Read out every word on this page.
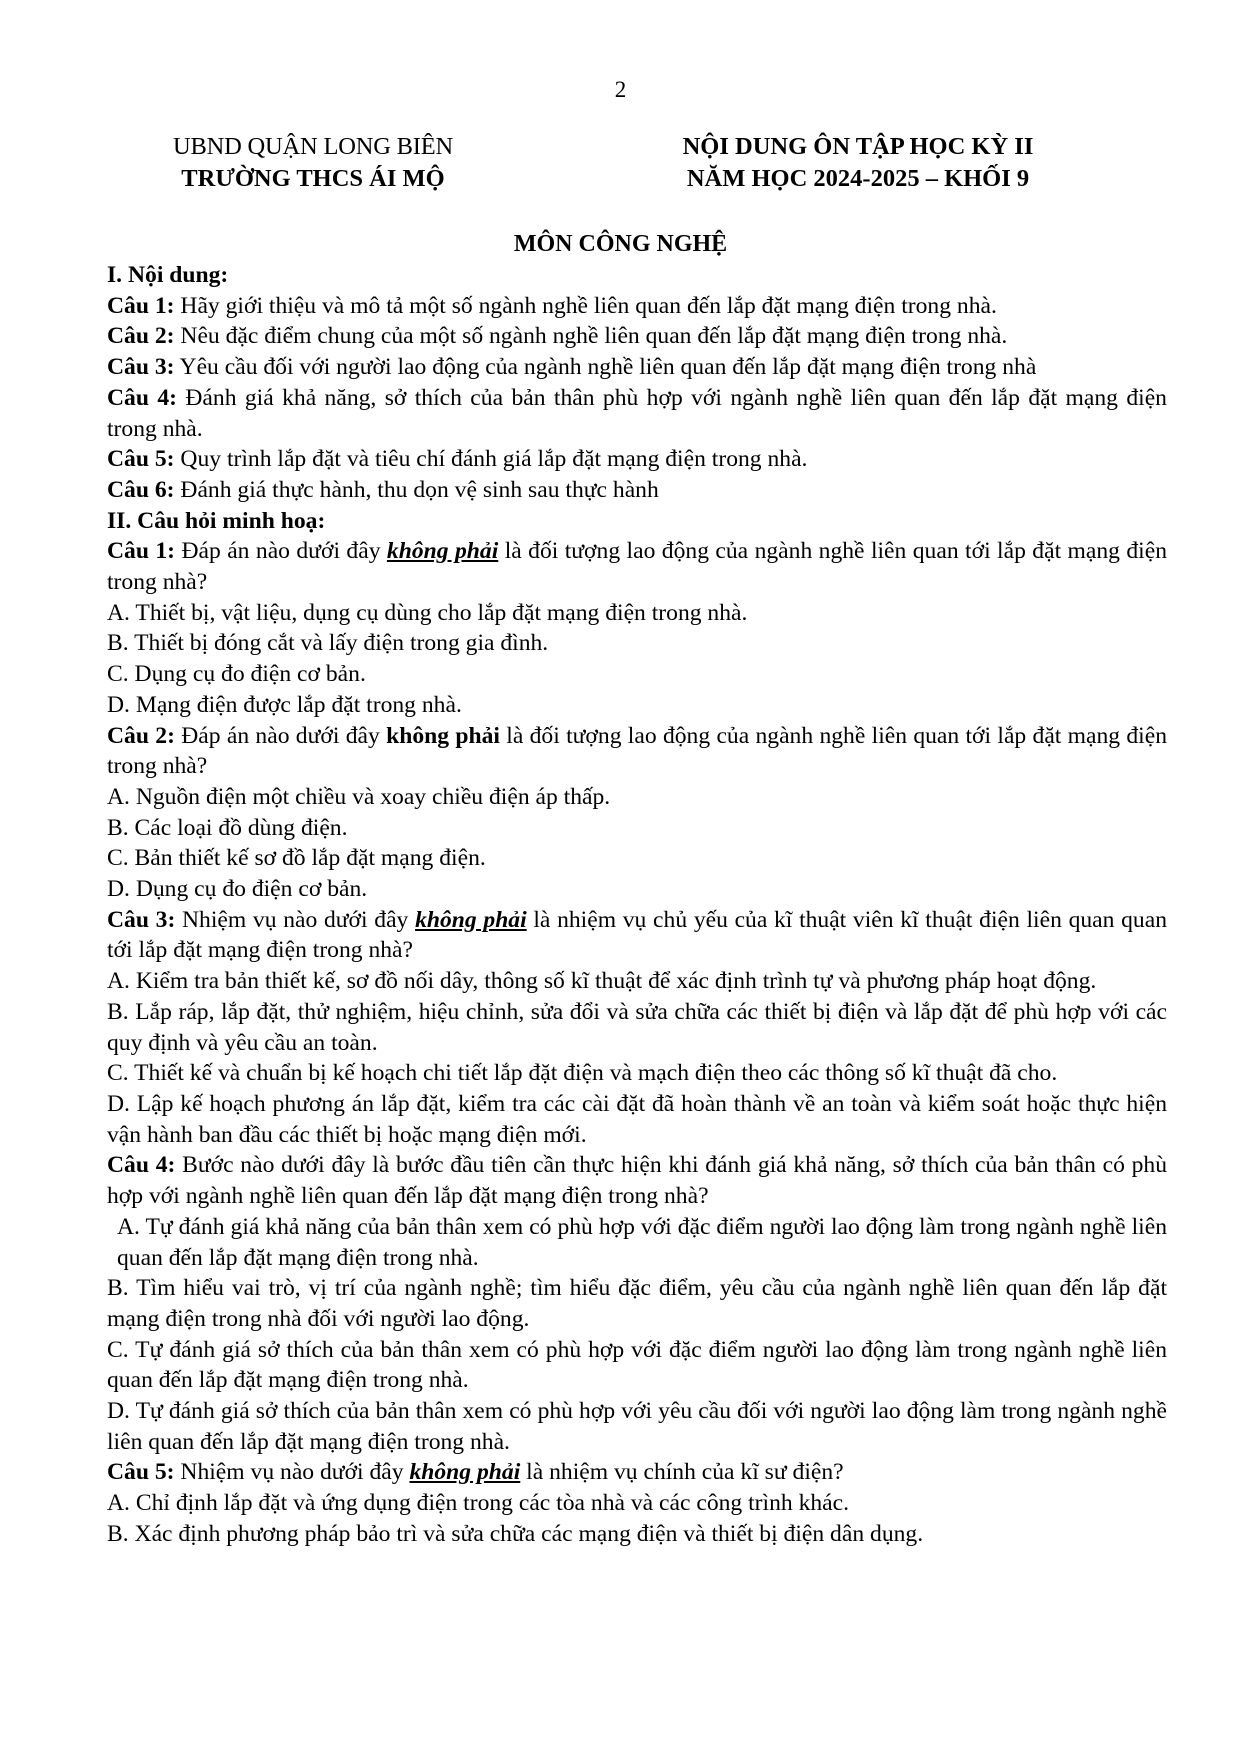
2
UBND QUẬN LONG BIÊN
TRƯỜNG THCS ÁI MỘ
NỘI DUNG ÔN TẬP HỌC KỲ II
NĂM HỌC 2024-2025 – KHỐI 9
MÔN CÔNG NGHỆ

I. Nội dung:

Câu 1: Hãy giới thiệu và mô tả một số ngành nghề liên quan đến lắp đặt mạng điện trong nhà.

Câu 2: Nêu đặc điểm chung của một số ngành nghề liên quan đến lắp đặt mạng điện trong nhà.

Câu 3: Yêu cầu đối với người lao động của ngành nghề liên quan đến lắp đặt mạng điện trong nhà

Câu 4: Đánh giá khả năng, sở thích của bản thân phù hợp với ngành nghề liên quan đến lắp đặt mạng điện trong nhà.

Câu 5: Quy trình lắp đặt và tiêu chí đánh giá lắp đặt mạng điện trong nhà.

Câu 6: Đánh giá thực hành, thu dọn vệ sinh sau thực hành

II. Câu hỏi minh hoạ:

Câu 1: Đáp án nào dưới đây không phải là đối tượng lao động của ngành nghề liên quan tới lắp đặt mạng điện trong nhà?

A. Thiết bị, vật liệu, dụng cụ dùng cho lắp đặt mạng điện trong nhà.

B. Thiết bị đóng cắt và lấy điện trong gia đình.

C. Dụng cụ đo điện cơ bản.

D. Mạng điện được lắp đặt trong nhà.

Câu 2: Đáp án nào dưới đây không phải là đối tượng lao động của ngành nghề liên quan tới lắp đặt mạng điện trong nhà?

A. Nguồn điện một chiều và xoay chiều điện áp thấp.

B. Các loại đồ dùng điện.

C. Bản thiết kế sơ đồ lắp đặt mạng điện.

D. Dụng cụ đo điện cơ bản.

Câu 3: Nhiệm vụ nào dưới đây không phải là nhiệm vụ chủ yếu của kĩ thuật viên kĩ thuật điện liên quan quan tới lắp đặt mạng điện trong nhà?

A. Kiểm tra bản thiết kế, sơ đồ nối dây, thông số kĩ thuật để xác định trình tự và phương pháp hoạt động.

B. Lắp ráp, lắp đặt, thử nghiệm, hiệu chỉnh, sửa đổi và sửa chữa các thiết bị điện và lắp đặt để phù hợp với các quy định và yêu cầu an toàn.

C. Thiết kế và chuẩn bị kế hoạch chi tiết lắp đặt điện và mạch điện theo các thông số kĩ thuật đã cho.

D. Lập kế hoạch phương án lắp đặt, kiểm tra các cài đặt đã hoàn thành về an toàn và kiểm soát hoặc thực hiện vận hành ban đầu các thiết bị hoặc mạng điện mới.

Câu 4: Bước nào dưới đây là bước đầu tiên cần thực hiện khi đánh giá khả năng, sở thích của bản thân có phù hợp với ngành nghề liên quan đến lắp đặt mạng điện trong nhà?

A. Tự đánh giá khả năng của bản thân xem có phù hợp với đặc điểm người lao động làm trong ngành nghề liên quan đến lắp đặt mạng điện trong nhà.

B. Tìm hiểu vai trò, vị trí của ngành nghề; tìm hiểu đặc điểm, yêu cầu của ngành nghề liên quan đến lắp đặt mạng điện trong nhà đối với người lao động.

C. Tự đánh giá sở thích của bản thân xem có phù hợp với đặc điểm người lao động làm trong ngành nghề liên quan đến lắp đặt mạng điện trong nhà.

D. Tự đánh giá sở thích của bản thân xem có phù hợp với yêu cầu đối với người lao động làm trong ngành nghề liên quan đến lắp đặt mạng điện trong nhà.

Câu 5: Nhiệm vụ nào dưới đây không phải là nhiệm vụ chính của kĩ sư điện?

A. Chỉ định lắp đặt và ứng dụng điện trong các tòa nhà và các công trình khác.

B. Xác định phương pháp bảo trì và sửa chữa các mạng điện và thiết bị điện dân dụng.
